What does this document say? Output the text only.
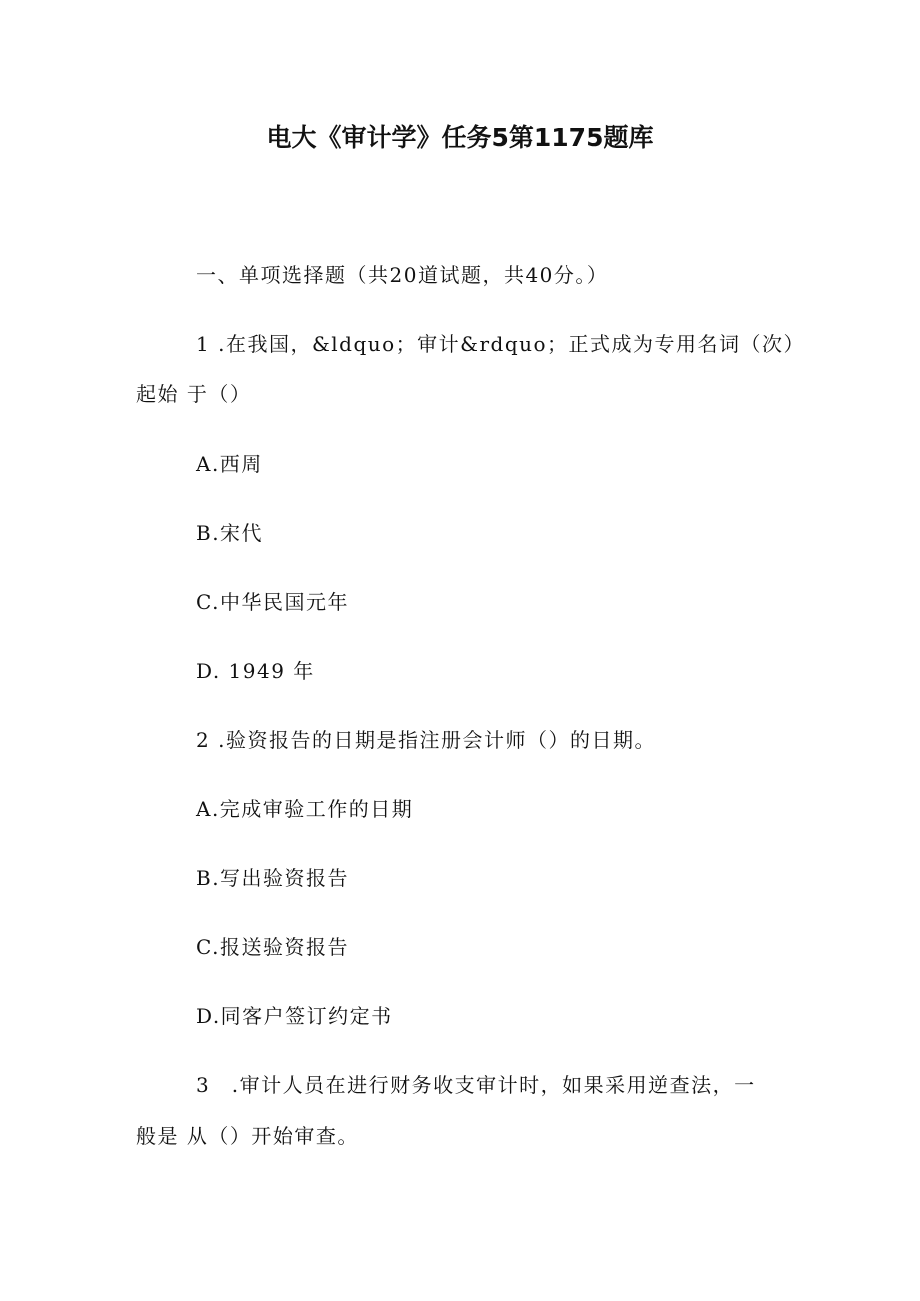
电大《审计学》任务5第1175题库
一、单项选择题（共20道试题，共40分。）
1 .在我国，&ldquo；审计&rdquo；正式成为专用名词（次）
起始 于（）
A.西周
B.宋代
C.中华民国元年
D. 1949 年
2 .验资报告的日期是指注册会计师（）的日期。
A.完成审验工作的日期
B.写出验资报告
C.报送验资报告
D.同客户签订约定书
3　.审计人员在进行财务收支审计时，如果采用逆查法，一
般是 从（）开始审查。
